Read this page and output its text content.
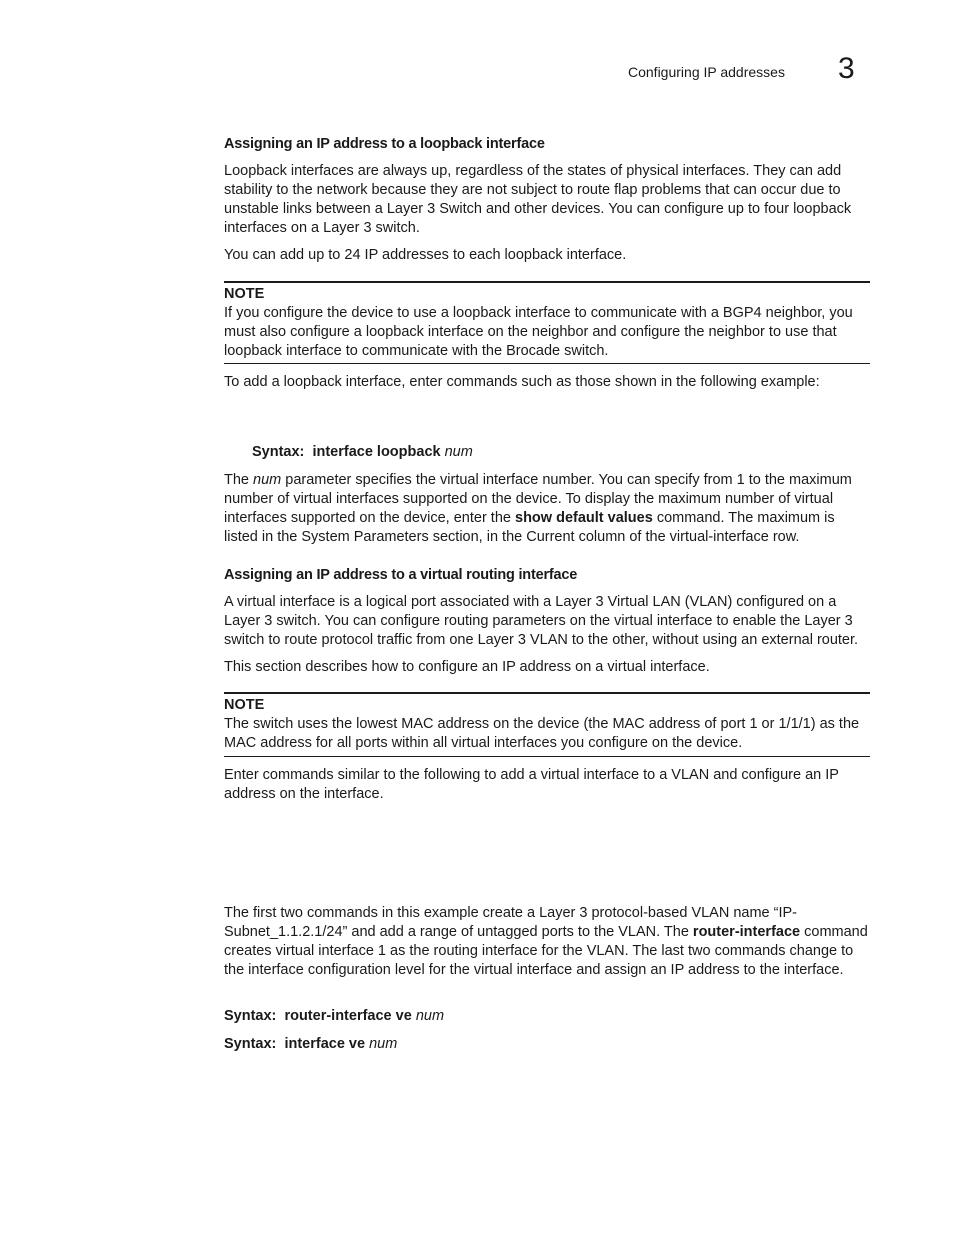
Configuring IP addresses 3
Assigning an IP address to a loopback interface
Loopback interfaces are always up, regardless of the states of physical interfaces. They can add stability to the network because they are not subject to route flap problems that can occur due to unstable links between a Layer 3 Switch and other devices. You can configure up to four loopback interfaces on a Layer 3 switch.
You can add up to 24 IP addresses to each loopback interface.
NOTE
If you configure the device to use a loopback interface to communicate with a BGP4 neighbor, you must also configure a loopback interface on the neighbor and configure the neighbor to use that loopback interface to communicate with the Brocade switch.
To add a loopback interface, enter commands such as those shown in the following example:
Syntax: interface loopback num
The num parameter specifies the virtual interface number. You can specify from 1 to the maximum number of virtual interfaces supported on the device. To display the maximum number of virtual interfaces supported on the device, enter the show default values command. The maximum is listed in the System Parameters section, in the Current column of the virtual-interface row.
Assigning an IP address to a virtual routing interface
A virtual interface is a logical port associated with a Layer 3 Virtual LAN (VLAN) configured on a Layer 3 switch. You can configure routing parameters on the virtual interface to enable the Layer 3 switch to route protocol traffic from one Layer 3 VLAN to the other, without using an external router.
This section describes how to configure an IP address on a virtual interface.
NOTE
The switch uses the lowest MAC address on the device (the MAC address of port 1 or 1/1/1) as the MAC address for all ports within all virtual interfaces you configure on the device.
Enter commands similar to the following to add a virtual interface to a VLAN and configure an IP address on the interface.
The first two commands in this example create a Layer 3 protocol-based VLAN name “IP-Subnet_1.1.2.1/24” and add a range of untagged ports to the VLAN. The router-interface command creates virtual interface 1 as the routing interface for the VLAN. The last two commands change to the interface configuration level for the virtual interface and assign an IP address to the interface.
Syntax: router-interface ve num
Syntax: interface ve num
